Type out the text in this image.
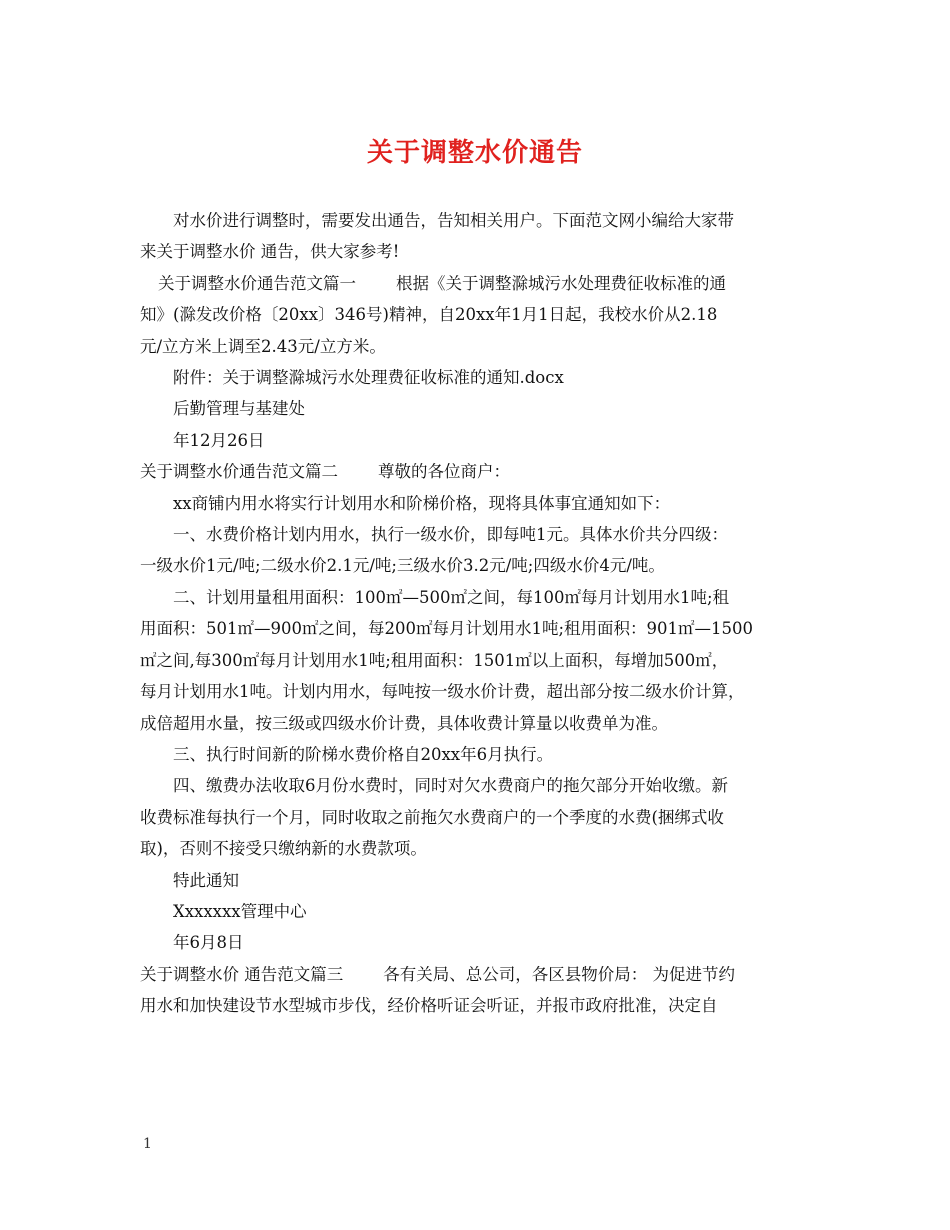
关于调整水价通告

对水价进行调整时，需要发出通告，告知相关用户。下面范文网小编给大家带

来关于调整水价 通告，供大家参考!

关于调整水价通告范文篇一 根据《关于调整滁城污水处理费征收标准的通

知》(滁发改价格〔20xx〕346号)精神，自20xx年1月1日起，我校水价从2.18

元/立方米上调至2.43元/立方米。

附件：关于调整滁城污水处理费征收标准的通知.docx

后勤管理与基建处

年12月26日

关于调整水价通告范文篇二 尊敬的各位商户：

xx商铺内用水将实行计划用水和阶梯价格，现将具体事宜通知如下：

一、水费价格计划内用水，执行一级水价，即每吨1元。具体水价共分四级：

一级水价1元/吨;二级水价2.1元/吨;三级水价3.2元/吨;四级水价4元/吨。

二、计划用量租用面积：100㎡—500㎡之间，每100㎡每月计划用水1吨;租

用面积：501㎡—900㎡之间，每200㎡每月计划用水1吨;租用面积：901㎡—1500

㎡之间,每300㎡每月计划用水1吨;租用面积：1501㎡以上面积，每增加500㎡，

每月计划用水1吨。计划内用水，每吨按一级水价计费，超出部分按二级水价计算，

成倍超用水量，按三级或四级水价计费，具体收费计算量以收费单为准。

三、执行时间新的阶梯水费价格自20xx年6月执行。

四、缴费办法收取6月份水费时，同时对欠水费商户的拖欠部分开始收缴。新

收费标准每执行一个月，同时收取之前拖欠水费商户的一个季度的水费(捆绑式收

取)，否则不接受只缴纳新的水费款项。

特此通知

Xxxxxxx管理中心

年6月8日

关于调整水价 通告范文篇三 各有关局、总公司，各区县物价局： 为促进节约

用水和加快建设节水型城市步伐，经价格听证会听证，并报市政府批准，决定自

1
